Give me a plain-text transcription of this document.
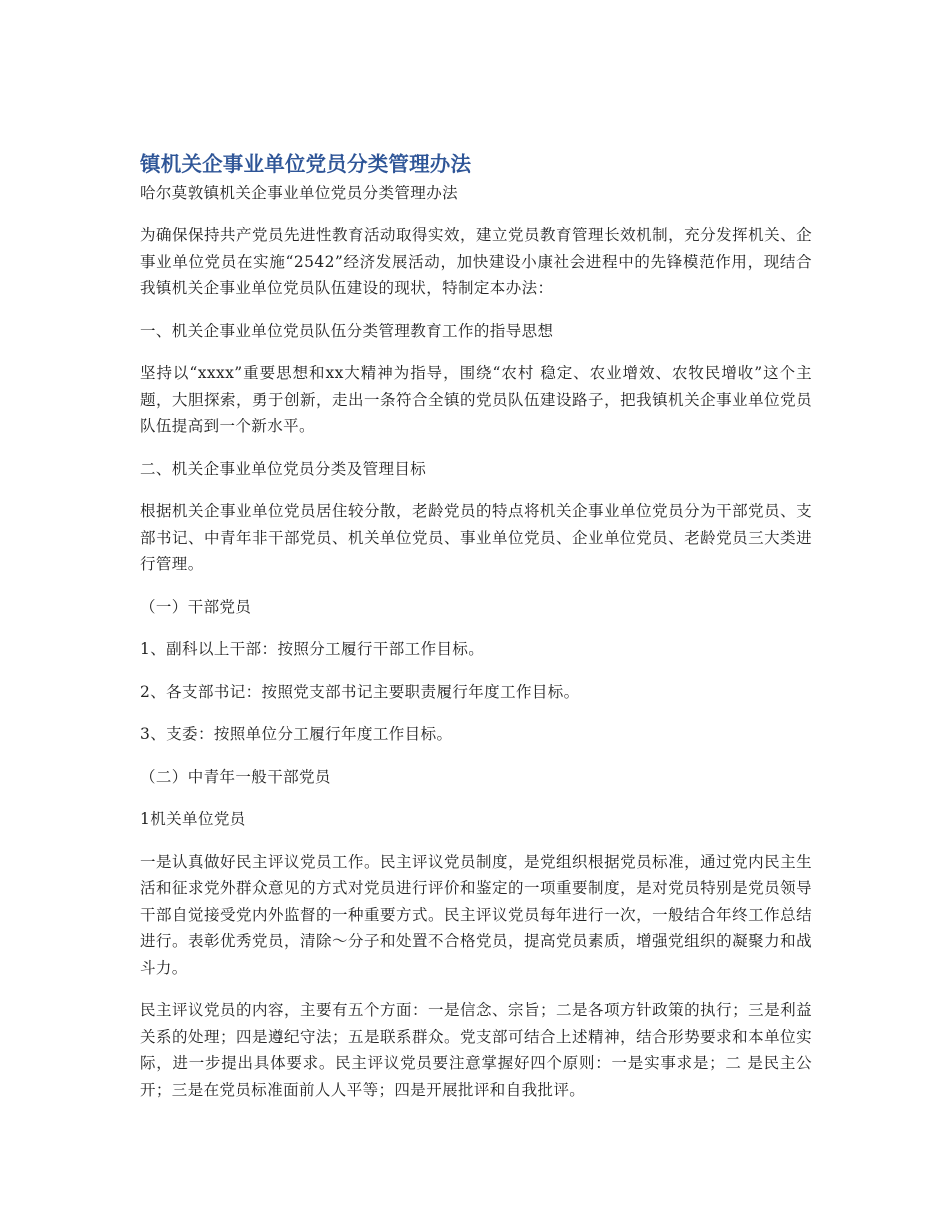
镇机关企事业单位党员分类管理办法

哈尔莫敦镇机关企事业单位党员分类管理办法

为确保保持共产党员先进性教育活动取得实效，建立党员教育管理长效机制，充分发挥机关、企事业单位党员在实施“2542”经济发展活动，加快建设小康社会进程中的先锋模范作用，现结合我镇机关企事业单位党员队伍建设的现状，特制定本办法：

一、机关企事业单位党员队伍分类管理教育工作的指导思想

坚持以“xxxx”重要思想和xx大精神为指导，围绕“农村 稳定、农业增效、农牧民增收”这个主题，大胆探索，勇于创新，走出一条符合全镇的党员队伍建设路子，把我镇机关企事业单位党员队伍提高到一个新水平。

二、机关企事业单位党员分类及管理目标

根据机关企事业单位党员居住较分散，老龄党员的特点将机关企事业单位党员分为干部党员、支部书记、中青年非干部党员、机关单位党员、事业单位党员、企业单位党员、老龄党员三大类进行管理。

（一）干部党员

1、副科以上干部：按照分工履行干部工作目标。

2、各支部书记：按照党支部书记主要职责履行年度工作目标。

3、支委：按照单位分工履行年度工作目标。

（二）中青年一般干部党员

1机关单位党员

一是认真做好民主评议党员工作。民主评议党员制度，是党组织根据党员标准，通过党内民主生活和征求党外群众意见的方式对党员进行评价和鉴定的一项重要制度，是对党员特别是党员领导干部自觉接受党内外监督的一种重要方式。民主评议党员每年进行一次，一般结合年终工作总结进行。表彰优秀党员，清除～分子和处置不合格党员，提高党员素质，增强党组织的凝聚力和战斗力。

民主评议党员的内容，主要有五个方面：一是信念、宗旨；二是各项方针政策的执行；三是利益关系的处理；四是遵纪守法；五是联系群众。党支部可结合上述精神，结合形势要求和本单位实际，进一步提出具体要求。民主评议党员要注意掌握好四个原则：一是实事求是；二 是民主公开；三是在党员标准面前人人平等；四是开展批评和自我批评。
